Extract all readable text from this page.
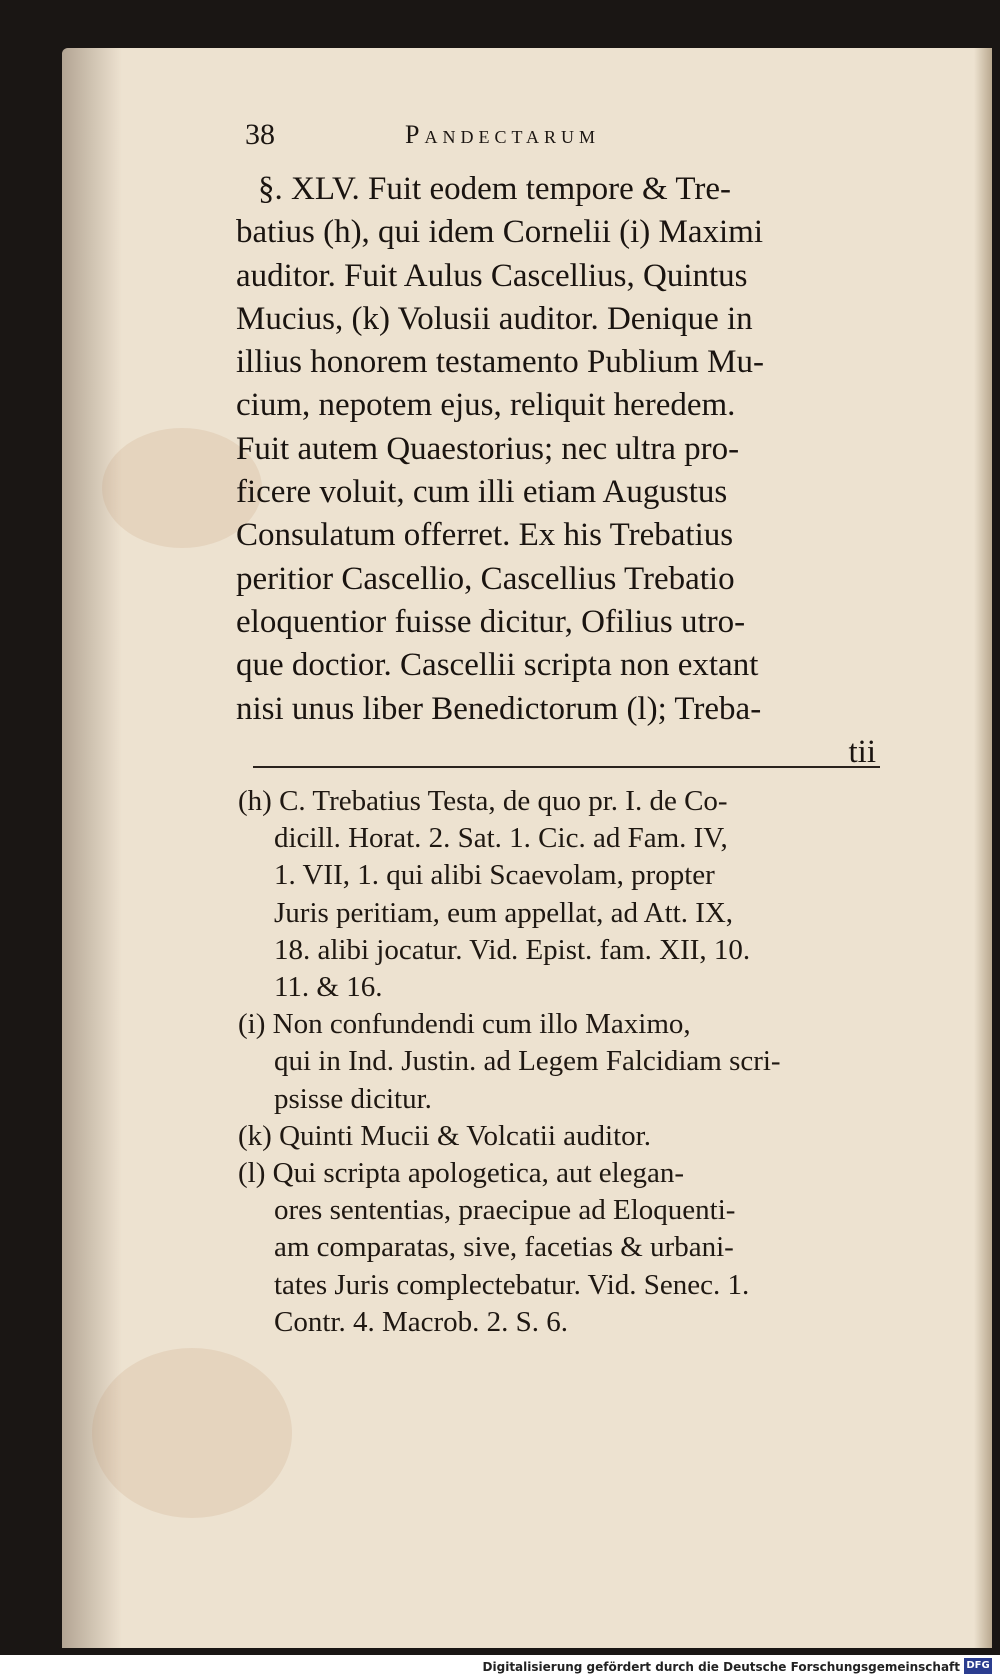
38	Pandectarum
§. XLV. Fuit eodem tempore & Tre-
batius (h), qui idem Cornelii (i) Maximi
auditor. Fuit Aulus Cascellius, Quintus
Mucius, (k) Volusii auditor. Denique in
illius honorem testamento Publium Mu-
cium, nepotem ejus, reliquit heredem.
Fuit autem Quaestorius; nec ultra pro-
ficere voluit, cum illi etiam Augustus
Consulatum offerret. Ex his Trebatius
peritior Cascellio, Cascellius Trebatio
eloquentior fuisse dicitur, Ofilius utro-
que doctior. Cascellii scripta non extant
nisi unus liber Benedictorum (l); Treba-
tii
(h) C. Trebatius Testa, de quo pr. I. de Co-
dicill. Horat. 2. Sat. 1. Cic. ad Fam. IV,
1. VII, 1. qui alibi Scaevolam, propter
Juris peritiam, eum appellat, ad Att. IX,
18. alibi jocatur. Vid. Epist. fam. XII, 10.
11. & 16.
(i) Non confundendi cum illo Maximo,
qui in Ind. Justin. ad Legem Falcidiam scri-
psisse dicitur.
(k) Quinti Mucii & Volcatii auditor.
(l) Qui scripta apologetica, aut elegan-
ores sententias, praecipue ad Eloquenti-
am comparatas, sive, facetias & urbani-
tates Juris complectebatur. Vid. Senec. 1.
Contr. 4. Macrob. 2. S. 6.
Digitalisierung gefördert durch die Deutsche Forschungsgemeinschaft DFG
